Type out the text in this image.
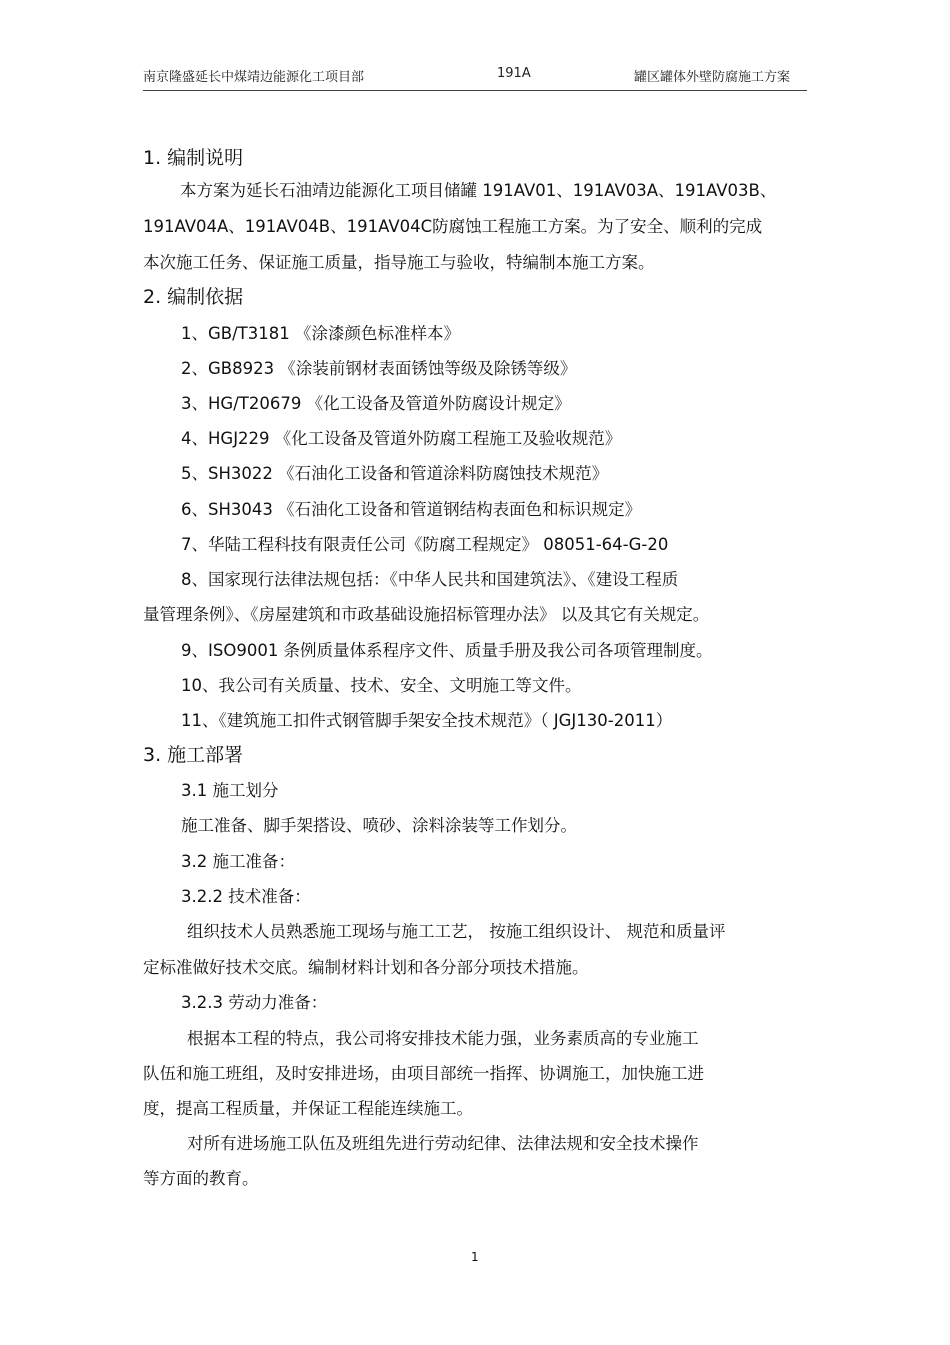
南京隆盛延长中煤靖边能源化工项目部	191A	罐区罐体外壁防腐施工方案
1. 编制说明
本方案为延长石油靖边能源化工项目储罐 191AV01、191AV03A、191AV03B、
191AV04A、191AV04B、191AV04C防腐蚀工程施工方案。为了安全、顺利的完成
本次施工任务、保证施工质量，指导施工与验收，特编制本施工方案。
2. 编制依据
1、GB/T3181 《涂漆颜色标准样本》
2、GB8923 《涂装前钢材表面锈蚀等级及除锈等级》
3、HG/T20679 《化工设备及管道外防腐设计规定》
4、HGJ229 《化工设备及管道外防腐工程施工及验收规范》
5、SH3022 《石油化工设备和管道涂料防腐蚀技术规范》
6、SH3043 《石油化工设备和管道钢结构表面色和标识规定》
7、华陆工程科技有限责任公司《防腐工程规定》 08051-64-G-20
8、国家现行法律法规包括：《中华人民共和国建筑法》、《建设工程质
量管理条例》、《房屋建筑和市政基础设施招标管理办法》 以及其它有关规定。
9、ISO9001 条例质量体系程序文件、质量手册及我公司各项管理制度。
10、我公司有关质量、技术、安全、文明施工等文件。
11、《建筑施工扣件式钢管脚手架安全技术规范》（ JGJ130-2011）
3. 施工部署
3.1 施工划分
施工准备、脚手架搭设、喷砂、涂料涂装等工作划分。
3.2 施工准备：
3.2.2 技术准备：
组织技术人员熟悉施工现场与施工工艺， 按施工组织设计、 规范和质量评
定标准做好技术交底。编制材料计划和各分部分项技术措施。
3.2.3 劳动力准备：
根据本工程的特点，我公司将安排技术能力强，业务素质高的专业施工
队伍和施工班组，及时安排进场，由项目部统一指挥、协调施工，加快施工进
度，提高工程质量，并保证工程能连续施工。
对所有进场施工队伍及班组先进行劳动纪律、法律法规和安全技术操作
等方面的教育。
1
